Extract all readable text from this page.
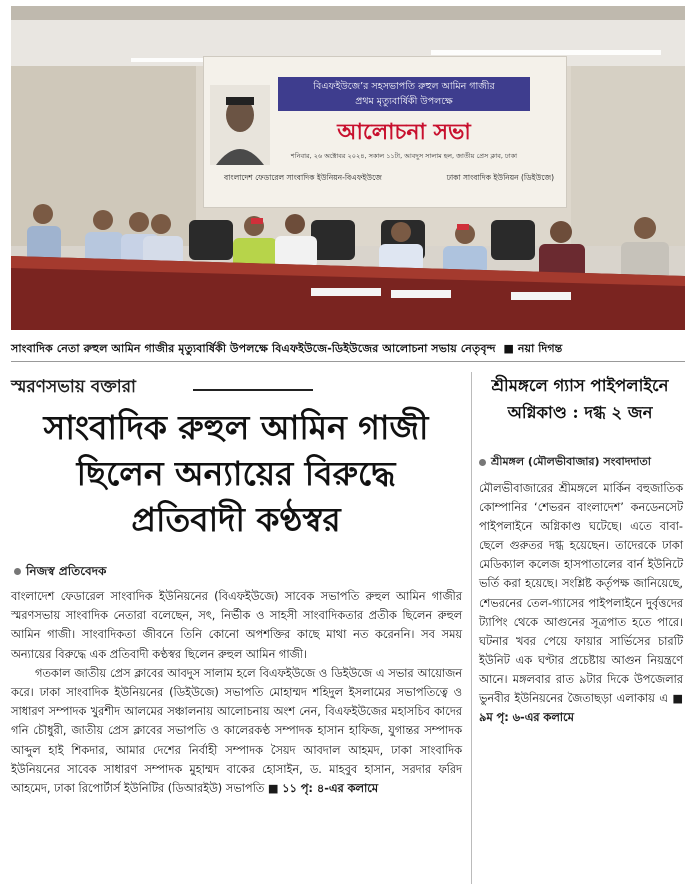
বিএফইউজে’র সহসভাপতি রুহুল আমিন গাজীর
প্রথম মৃত্যুবার্ষিকী উপলক্ষে
আলোচনা সভা
শনিবার, ২৬ অক্টোবর ২০২৪, সকাল ১১টা, আবদুস সালাম হল, জাতীয় প্রেস ক্লাব, ঢাকা
বাংলাদেশ ফেডারেল সাংবাদিক ইউনিয়ন-বিএফইউজে	ঢাকা সাংবাদিক ইউনিয়ন (ডিইউজে)
সাংবাদিক নেতা রুহুল আমিন গাজীর মৃত্যুবার্ষিকী উপলক্ষে বিএফইউজে-ডিইউজের আলোচনা সভায় নেতৃবৃন্দ  ■ নয়া দিগন্ত
স্মরণসভায় বক্তারা
সাংবাদিক রুহুল আমিন গাজী
ছিলেন অন্যায়ের বিরুদ্ধে
প্রতিবাদী কণ্ঠস্বর
নিজস্ব প্রতিবেদক

বাংলাদেশ ফেডারেল সাংবাদিক ইউনিয়নের (বিএফইউজে) সাবেক সভাপতি রুহুল আমিন গাজীর স্মরণসভায় সাংবাদিক নেতারা বলেছেন, সৎ, নির্ভীক ও সাহসী সাংবাদিকতার প্রতীক ছিলেন রুহুল আমিন গাজী। সাংবাদিকতা জীবনে তিনি কোনো অপশক্তির কাছে মাথা নত করেননি। সব সময় অন্যায়ের বিরুদ্ধে এক প্রতিবাদী কণ্ঠস্বর ছিলেন রুহুল আমিন গাজী।

গতকাল জাতীয় প্রেস ক্লাবের আবদুস সালাম হলে বিএফইউজে ও ডিইউজে এ সভার আয়োজন করে। ঢাকা সাংবাদিক ইউনিয়নের (ডিইউজে) সভাপতি মোহাম্মদ শহিদুল ইসলামের সভাপতিত্বে ও সাধারণ সম্পাদক খুরশীদ আলমের সঞ্চালনায় আলোচনায় অংশ নেন, বিএফইউজের মহাসচিব কাদের গনি চৌধুরী, জাতীয় প্রেস ক্লাবের সভাপতি ও কালেরকণ্ঠ সম্পাদক হাসান হাফিজ, যুগান্তর সম্পাদক আব্দুল হাই শিকদার, আমার দেশের নির্বাহী সম্পাদক সৈয়দ আবদাল আহমদ, ঢাকা সাংবাদিক ইউনিয়নের সাবেক সাধারণ সম্পাদক মুহাম্মদ বাকের হোসাইন, ড. মাহবুব হাসান, সরদার ফরিদ আহমেদ, ঢাকা রিপোর্টার্স ইউনিটির (ডিআরইউ) সভাপতি ■ ১১ পৃ: ৪-এর কলামে

শ্রীমঙ্গলে গ্যাস পাইপলাইনে
অগ্নিকাণ্ড : দগ্ধ ২ জন
শ্রীমঙ্গল (মৌলভীবাজার) সংবাদদাতা

মৌলভীবাজারের শ্রীমঙ্গলে মার্কিন বহুজাতিক কোম্পানির ‘শেভরন বাংলাদেশ’ কনডেনসেট পাইপলাইনে অগ্নিকাণ্ড ঘটেছে। এতে বাবা-ছেলে গুরুতর দগ্ধ হয়েছেন। তাদেরকে ঢাকা মেডিক্যাল কলেজ হাসপাতালের বার্ন ইউনিটে ভর্তি করা হয়েছে। সংশ্লিষ্ট কর্তৃপক্ষ জানিয়েছে, শেভরনের তেল-গ্যাসের পাইপলাইনে দুর্বৃত্তদের ট্যাপিং থেকে আগুনের সূত্রপাত হতে পারে। ঘটনার খবর পেয়ে ফায়ার সার্ভিসের চারটি ইউনিট এক ঘণ্টার প্রচেষ্টায় আগুন নিয়ন্ত্রণে আনে। মঙ্গলবার রাত ৯টার দিকে উপজেলার ভুনবীর ইউনিয়নের জৈতাছড়া এলাকায় এ ■ ৯ম পৃ: ৬-এর কলামে
